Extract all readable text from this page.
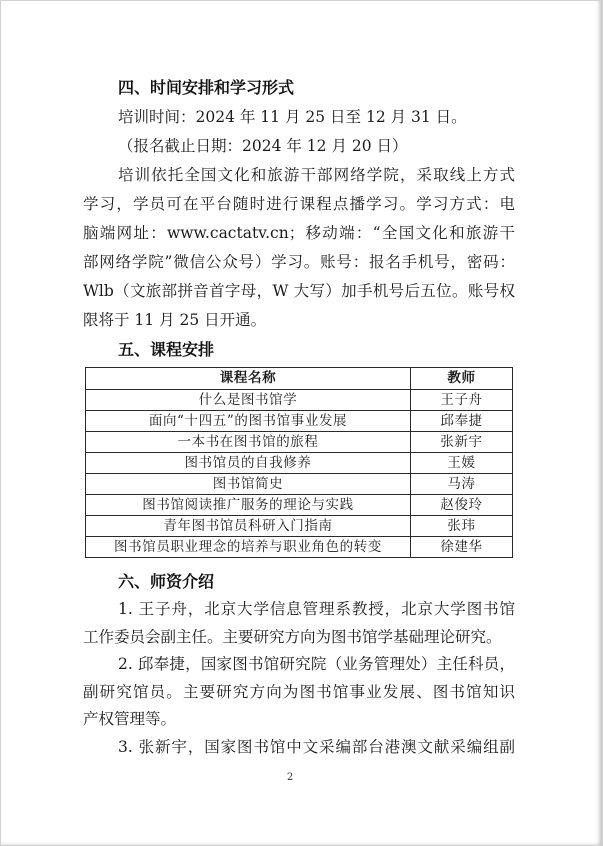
四、时间安排和学习形式
培训时间：2024 年 11 月 25 日至 12 月 31 日。
（报名截止日期：2024 年 12 月 20 日）
培训依托全国文化和旅游干部网络学院，采取线上方式
学习，学员可在平台随时进行课程点播学习。学习方式：电
脑端网址：www.cactatv.cn；移动端：“全国文化和旅游干
部网络学院”微信公众号）学习。账号：报名手机号，密码：
Wlb（文旅部拼音首字母，W 大写）加手机号后五位。账号权
限将于 11 月 25 日开通。
五、课程安排
课程名称	教师
什么是图书馆学	王子舟
面向“十四五”的图书馆事业发展	邱奉捷
一本书在图书馆的旅程	张新宇
图书馆员的自我修养	王媛
图书馆简史	马涛
图书馆阅读推广服务的理论与实践	赵俊玲
青年图书馆员科研入门指南	张玮
图书馆员职业理念的培养与职业角色的转变	徐建华
六、师资介绍
1. 王子舟，北京大学信息管理系教授，北京大学图书馆
工作委员会副主任。主要研究方向为图书馆学基础理论研究。
2. 邱奉捷，国家图书馆研究院（业务管理处）主任科员，
副研究馆员。主要研究方向为图书馆事业发展、图书馆知识
产权管理等。
3. 张新宇，国家图书馆中文采编部台港澳文献采编组副
2
